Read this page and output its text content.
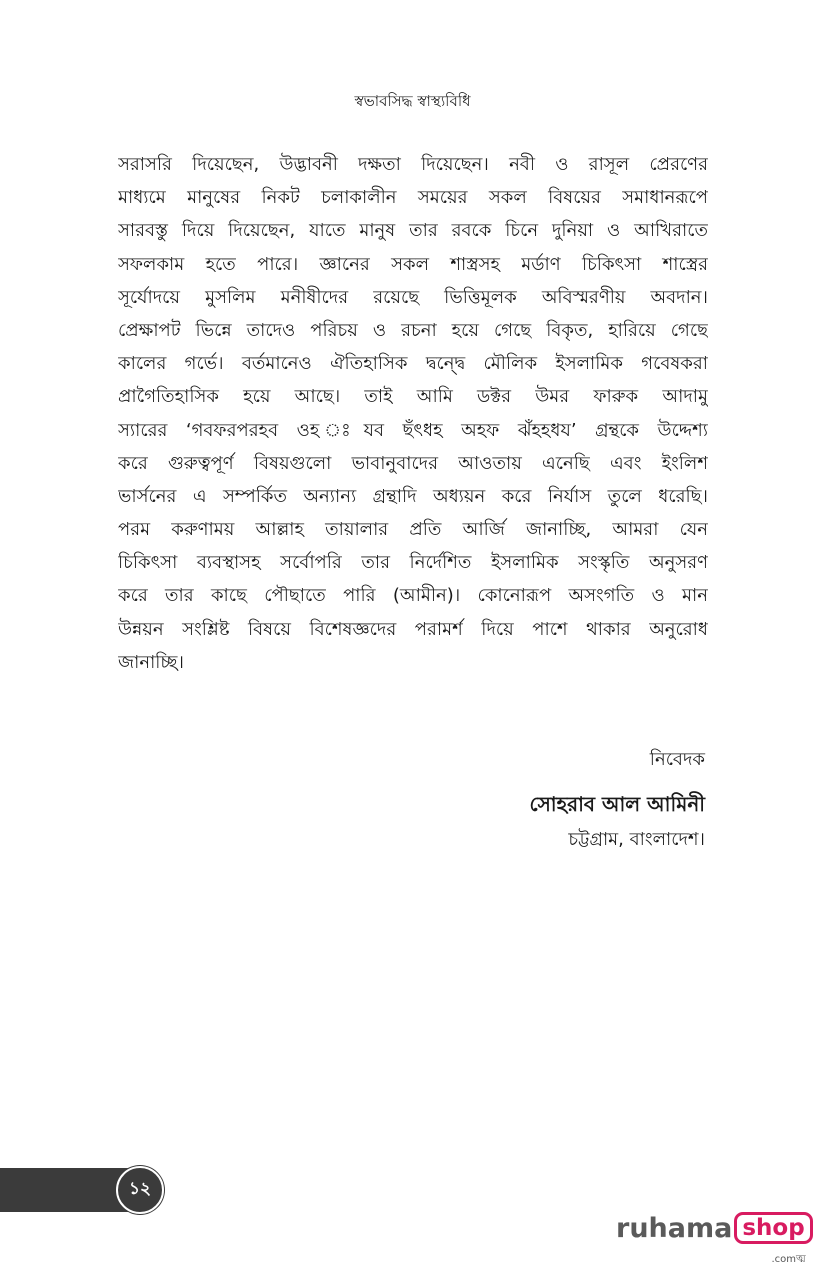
স্বভাবসিদ্ধ স্বাস্থ্যবিধি
সরাসরি দিয়েছেন, উদ্ভাবনী দক্ষতা দিয়েছেন। নবী ও রাসূল প্রেরণের
মাধ্যমে মানুষের নিকট চলাকালীন সময়ের সকল বিষয়ের সমাধানরূপে
সারবস্তু দিয়ে দিয়েছেন, যাতে মানুষ তার রবকে চিনে দুনিয়া ও আখিরাতে
সফলকাম হতে পারে। জ্ঞানের সকল শাস্ত্রসহ মর্ডাণ চিকিৎসা শাস্ত্রের
সূর্যোদয়ে মুসলিম মনীষীদের রয়েছে ভিত্তিমূলক অবিস্মরণীয় অবদান।
প্রেক্ষাপট ভিন্নে তাদেও পরিচয় ও রচনা হয়ে গেছে বিকৃত, হারিয়ে গেছে
কালের গর্ভে। বর্তমানেও ঐতিহাসিক দ্বন্দ্বে মৌলিক ইসলামিক গবেষকরা
প্রাগৈতিহাসিক হয়ে আছে। তাই আমি ডক্টর উমর ফারুক আদামু
স্যারের ‘গবফরপরহব ওহ ঃযব ছঁৎধহ অহফ ঝঁহহধয’ গ্রন্থকে উদ্দেশ্য
করে গুরুত্বপূর্ণ বিষয়গুলো ভাবানুবাদের আওতায় এনেছি এবং ইংলিশ
ভার্সনের এ সম্পর্কিত অন্যান্য গ্রন্থাদি অধ্যয়ন করে নির্যাস তুলে ধরেছি।
পরম করুণাময় আল্লাহ তায়ালার প্রতি আর্জি জানাচ্ছি, আমরা যেন
চিকিৎসা ব্যবস্থাসহ সর্বোপরি তার নির্দেশিত ইসলামিক সংস্কৃতি অনুসরণ
করে তার কাছে পৌছাতে পারি (আমীন)। কোনোরূপ অসংগতি ও মান
উন্নয়ন সংশ্লিষ্ট বিষয়ে বিশেষজ্ঞদের পরামর্শ দিয়ে পাশে থাকার অনুরোধ
জানাচ্ছি।
নিবেদক
সোহরাব আল আমিনী
চট্টগ্রাম, বাংলাদেশ।
১২
ruhama shop
.comত্ম
